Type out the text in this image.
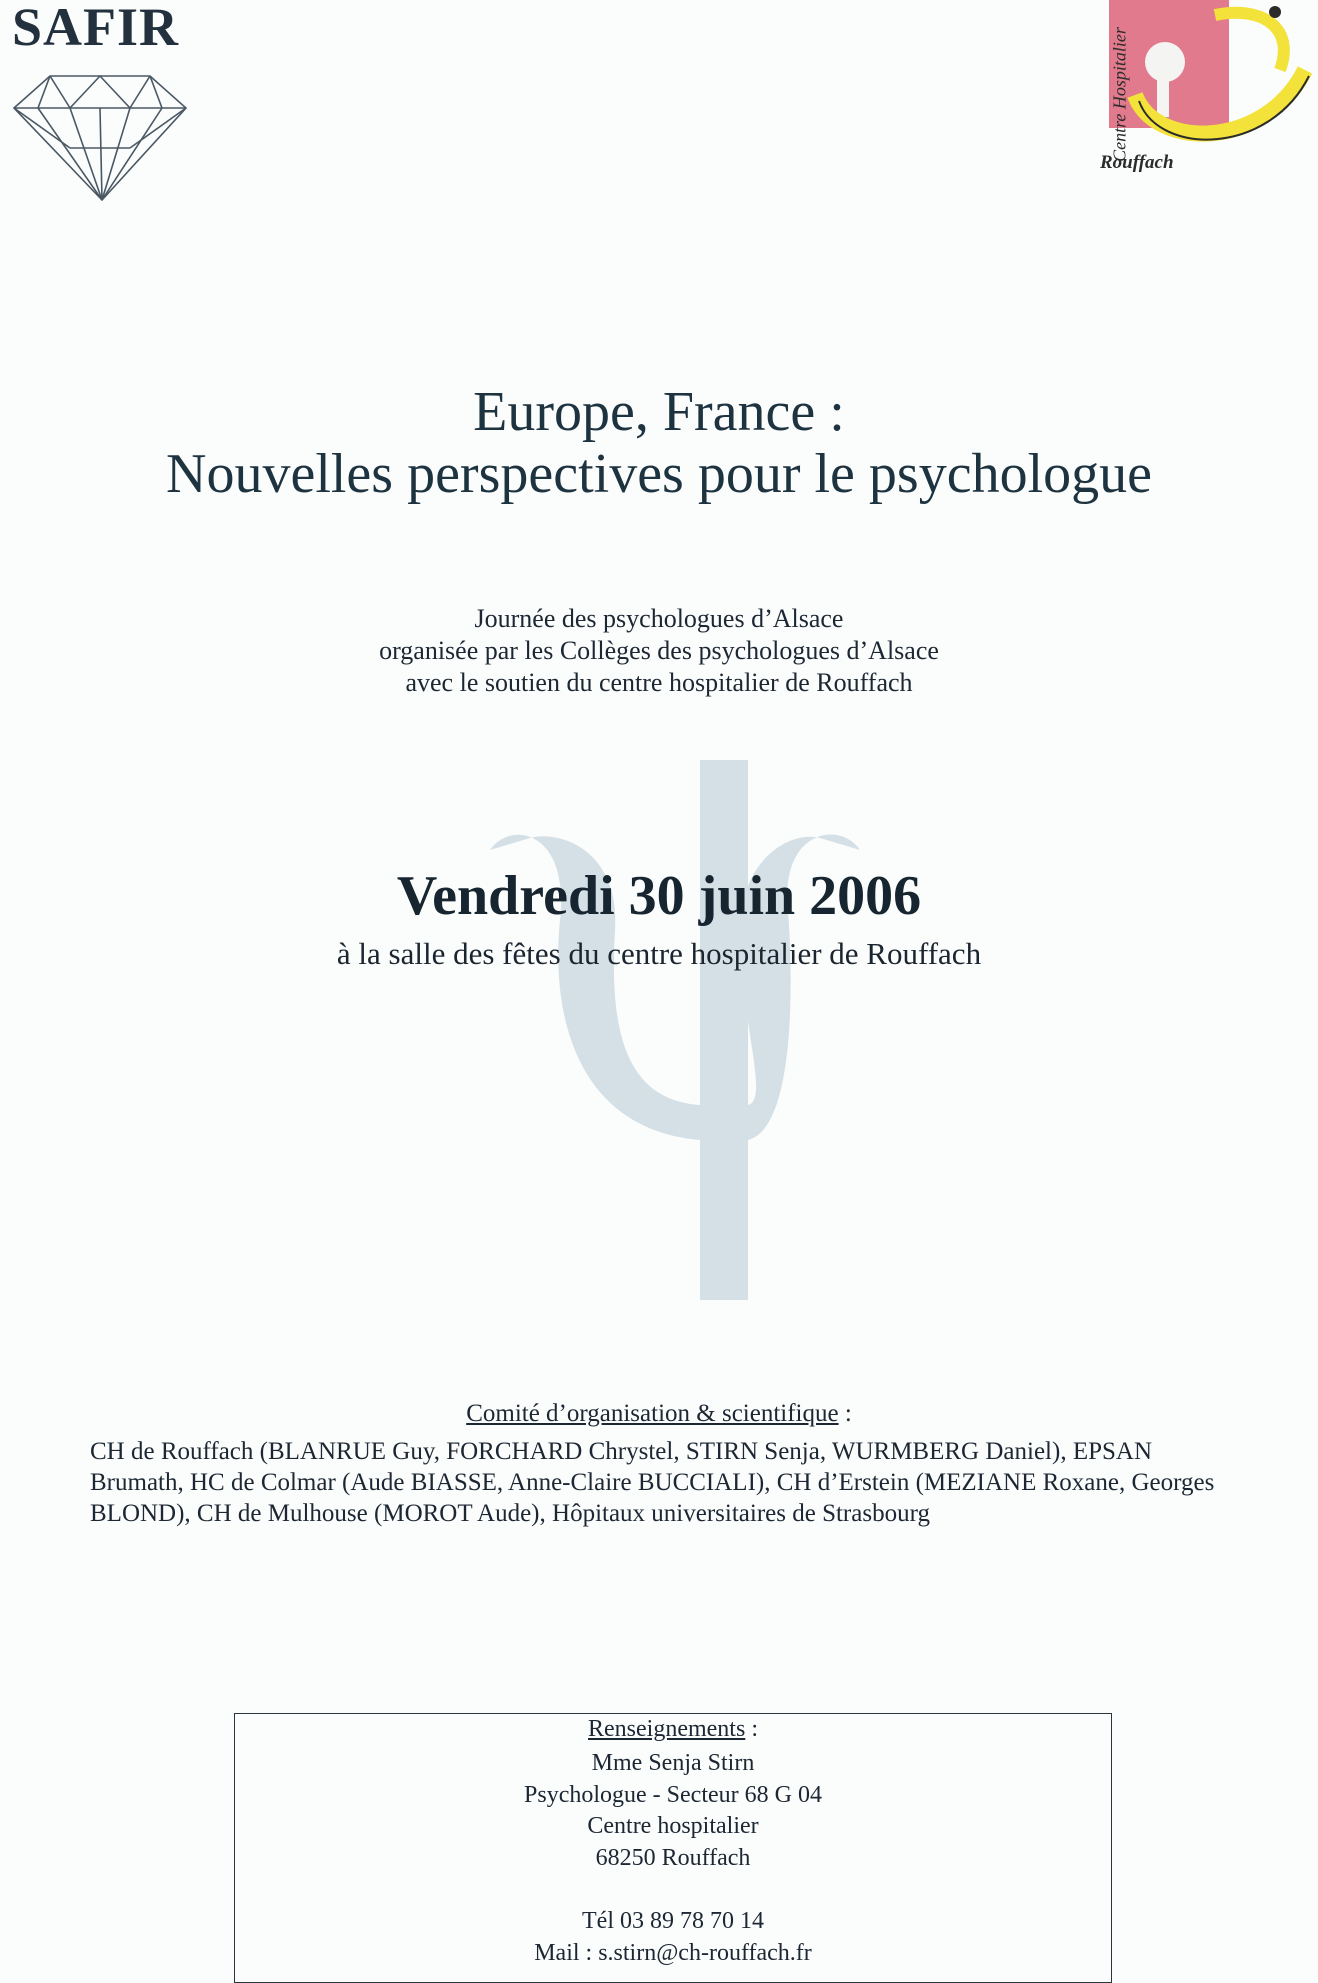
SAFIR
Centre Hospitalier
Rouffach
Europe, France :
Nouvelles perspectives pour le psychologue
Journée des psychologues d’Alsace
organisée par les Collèges des psychologues d’Alsace
avec le soutien du centre hospitalier de Rouffach
Vendredi 30 juin 2006
à la salle des fêtes du centre hospitalier de Rouffach
Comité d’organisation & scientifique :
CH de Rouffach (BLANRUE Guy, FORCHARD Chrystel, STIRN Senja, WURMBERG Daniel), EPSAN
Brumath, HC de Colmar (Aude BIASSE, Anne-Claire BUCCIALI), CH d’Erstein (MEZIANE Roxane, Georges
BLOND), CH de Mulhouse (MOROT Aude), Hôpitaux universitaires de Strasbourg
Renseignements :
Mme Senja Stirn
Psychologue - Secteur 68 G 04
Centre hospitalier
68250 Rouffach
Tél 03 89 78 70 14
Mail : s.stirn@ch-rouffach.fr
